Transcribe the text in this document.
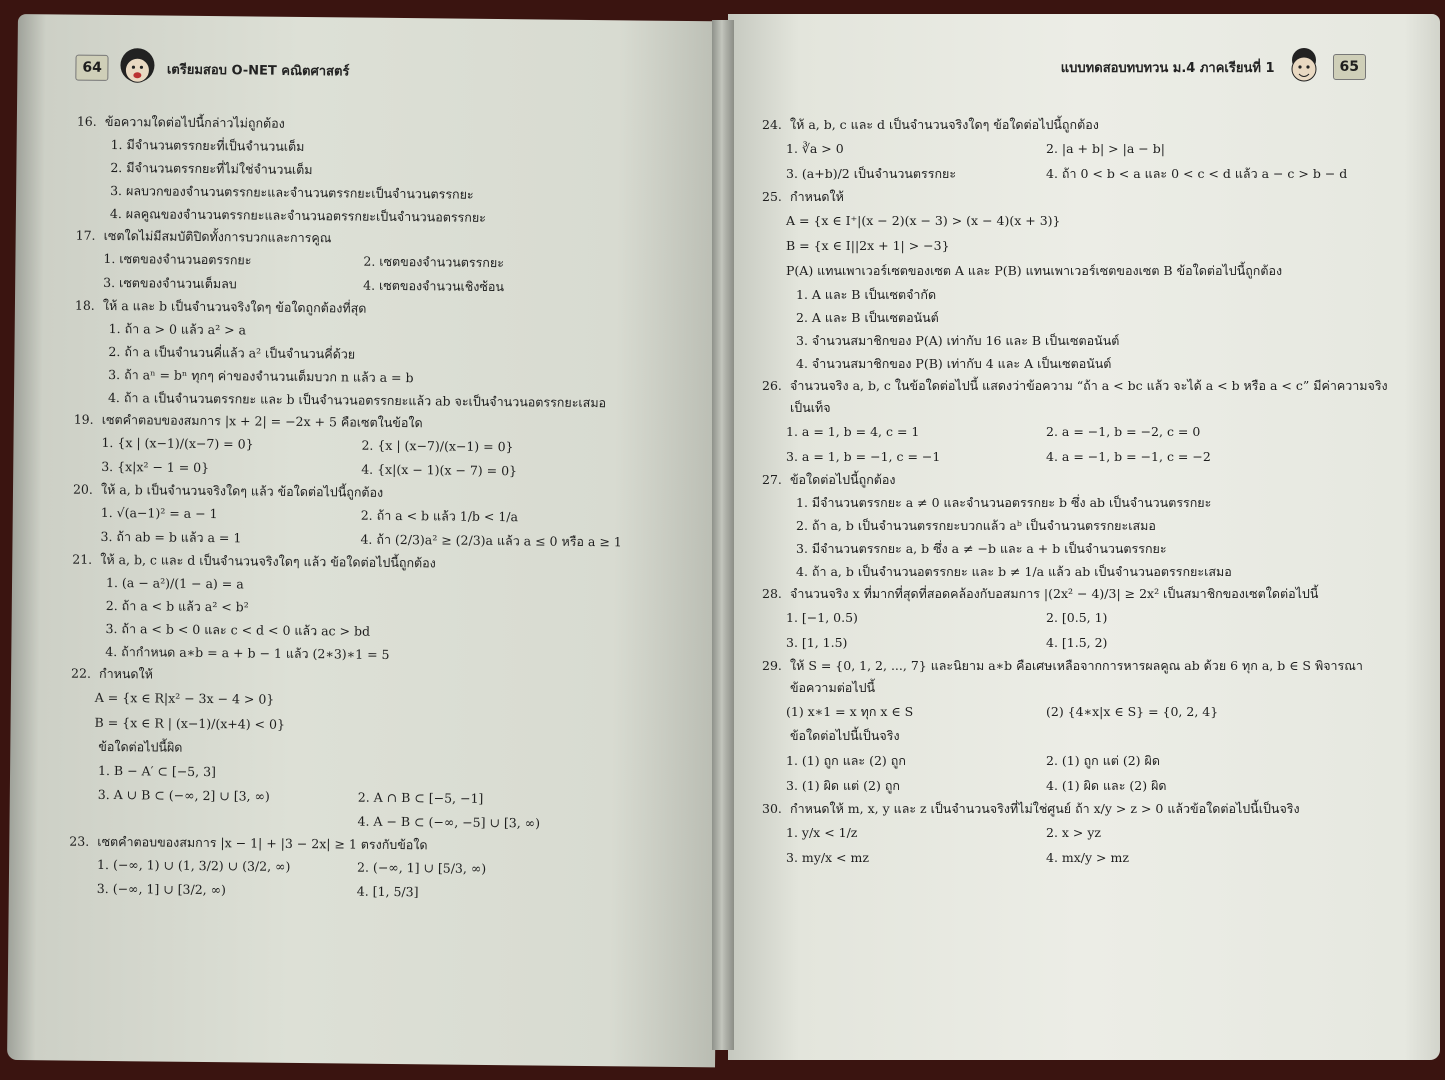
64	เตรียมสอบ O-NET คณิตศาสตร์
16. ข้อความใดต่อไปนี้กล่าวไม่ถูกต้อง
1. มีจำนวนตรรกยะที่เป็นจำนวนเต็ม
2. มีจำนวนตรรกยะที่ไม่ใช่จำนวนเต็ม
3. ผลบวกของจำนวนตรรกยะและจำนวนตรรกยะเป็นจำนวนตรรกยะ
4. ผลคูณของจำนวนตรรกยะและจำนวนอตรรกยะเป็นจำนวนอตรรกยะ
17. เซตใดไม่มีสมบัติปิดทั้งการบวกและการคูณ
1. เซตของจำนวนอตรรกยะ	2. เซตของจำนวนตรรกยะ
3. เซตของจำนวนเต็มลบ	4. เซตของจำนวนเชิงซ้อน
18. ให้ a และ b เป็นจำนวนจริงใดๆ ข้อใดถูกต้องที่สุด
1. ถ้า a > 0 แล้ว a² > a
2. ถ้า a เป็นจำนวนคี่แล้ว a² เป็นจำนวนคี่ด้วย
3. ถ้า aⁿ = bⁿ ทุกๆ ค่าของจำนวนเต็มบวก n แล้ว a = b
4. ถ้า a เป็นจำนวนตรรกยะ และ b เป็นจำนวนอตรรกยะแล้ว ab จะเป็นจำนวนอตรรกยะเสมอ
19. เซตคำตอบของสมการ |x + 2| = −2x + 5 คือเซตในข้อใด
1. {x | (x−1)/(x−7) = 0}	2. {x | (x−7)/(x−1) = 0}
3. {x|x² − 1 = 0}	4. {x|(x − 1)(x − 7) = 0}
20. ให้ a, b เป็นจำนวนจริงใดๆ แล้ว ข้อใดต่อไปนี้ถูกต้อง
1. √(a−1)² = a − 1	2. ถ้า a < b แล้ว 1/b < 1/a
3. ถ้า ab = b แล้ว a = 1	4. ถ้า (2/3)a² ≥ (2/3)a แล้ว a ≤ 0 หรือ a ≥ 1
21. ให้ a, b, c และ d เป็นจำนวนจริงใดๆ แล้ว ข้อใดต่อไปนี้ถูกต้อง
1. (a − a²)/(1 − a) = a
2. ถ้า a < b แล้ว a² < b²
3. ถ้า a < b < 0 และ c < d < 0 แล้ว ac > bd
4. ถ้ากำหนด a∗b = a + b − 1 แล้ว (2∗3)∗1 = 5
22. กำหนดให้
A = {x ∈ R|x² − 3x − 4 > 0}
B = {x ∈ R | (x−1)/(x+4) < 0}
ข้อใดต่อไปนี้ผิด
1. B − A′ ⊂ [−5, 3]
3. A ∪ B ⊂ (−∞, 2] ∪ [3, ∞)	2. A ∩ B ⊂ [−5, −1]
4. A − B ⊂ (−∞, −5] ∪ [3, ∞)
23. เซตคำตอบของสมการ |x − 1| + |3 − 2x| ≥ 1 ตรงกับข้อใด
1. (−∞, 1) ∪ (1, 3/2) ∪ (3/2, ∞)	2. (−∞, 1] ∪ [5/3, ∞)
3. (−∞, 1] ∪ [3/2, ∞)	4. [1, 5/3]
แบบทดสอบทบทวน ม.4 ภาคเรียนที่ 1	65
24. ให้ a, b, c และ d เป็นจำนวนจริงใดๆ ข้อใดต่อไปนี้ถูกต้อง
1. ∛a > 0	2. |a + b| > |a − b|
3. (a+b)/2 เป็นจำนวนตรรกยะ	4. ถ้า 0 < b < a และ 0 < c < d แล้ว a − c > b − d
25. กำหนดให้
A = {x ∈ I⁺|(x − 2)(x − 3) > (x − 4)(x + 3)}
B = {x ∈ I||2x + 1| > −3}
P(A) แทนเพาเวอร์เซตของเซต A และ P(B) แทนเพาเวอร์เซตของเซต B ข้อใดต่อไปนี้ถูกต้อง
1. A และ B เป็นเซตจำกัด
2. A และ B เป็นเซตอนันต์
3. จำนวนสมาชิกของ P(A) เท่ากับ 16 และ B เป็นเซตอนันต์
4. จำนวนสมาชิกของ P(B) เท่ากับ 4 และ A เป็นเซตอนันต์
26. จำนวนจริง a, b, c ในข้อใดต่อไปนี้ แสดงว่าข้อความ “ถ้า a < bc แล้ว จะได้ a < b หรือ a < c” มีค่าความจริงเป็นเท็จ
1. a = 1, b = 4, c = 1	2. a = −1, b = −2, c = 0
3. a = 1, b = −1, c = −1	4. a = −1, b = −1, c = −2
27. ข้อใดต่อไปนี้ถูกต้อง
1. มีจำนวนตรรกยะ a ≠ 0 และจำนวนอตรรกยะ b ซึ่ง ab เป็นจำนวนตรรกยะ
2. ถ้า a, b เป็นจำนวนตรรกยะบวกแล้ว aᵇ เป็นจำนวนตรรกยะเสมอ
3. มีจำนวนตรรกยะ a, b ซึ่ง a ≠ −b และ a + b เป็นจำนวนตรรกยะ
4. ถ้า a, b เป็นจำนวนอตรรกยะ และ b ≠ 1/a แล้ว ab เป็นจำนวนอตรรกยะเสมอ
28. จำนวนจริง x ที่มากที่สุดที่สอดคล้องกับอสมการ |(2x² − 4)/3| ≥ 2x² เป็นสมาชิกของเซตใดต่อไปนี้
1. [−1, 0.5)	2. [0.5, 1)
3. [1, 1.5)	4. [1.5, 2)
29. ให้ S = {0, 1, 2, ..., 7} และนิยาม a∗b คือเศษเหลือจากการหารผลคูณ ab ด้วย 6 ทุก a, b ∈ S พิจารณาข้อความต่อไปนี้
(1) x∗1 = x ทุก x ∈ S	(2) {4∗x|x ∈ S} = {0, 2, 4}
ข้อใดต่อไปนี้เป็นจริง
1. (1) ถูก และ (2) ถูก	2. (1) ถูก แต่ (2) ผิด
3. (1) ผิด แต่ (2) ถูก	4. (1) ผิด และ (2) ผิด
30. กำหนดให้ m, x, y และ z เป็นจำนวนจริงที่ไม่ใช่ศูนย์ ถ้า x/y > z > 0 แล้วข้อใดต่อไปนี้เป็นจริง
1. y/x < 1/z	2. x > yz
3. my/x < mz	4. mx/y > mz
